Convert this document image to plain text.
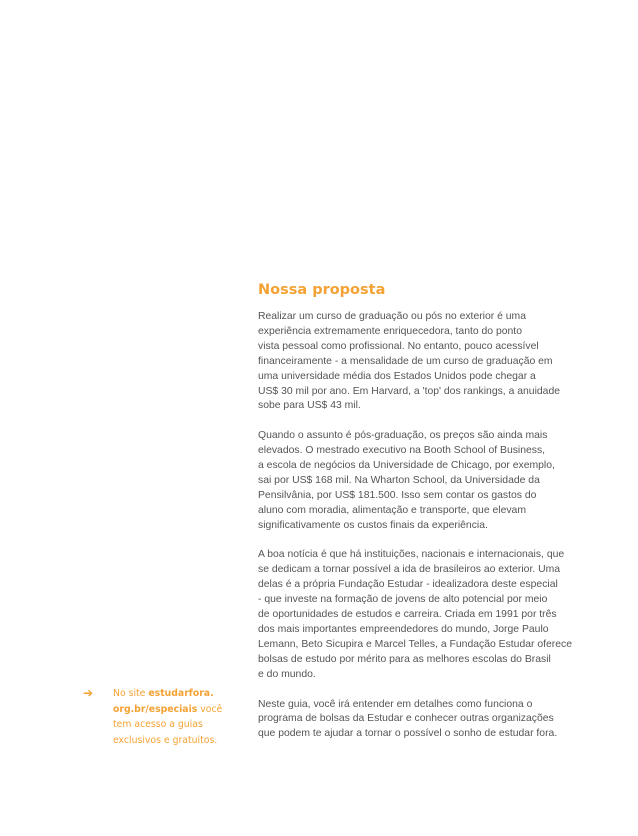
Nossa proposta

Realizar um curso de graduação ou pós no exterior é uma
experiência extremamente enriquecedora, tanto do ponto
vista pessoal como profissional. No entanto, pouco acessível
financeiramente - a mensalidade de um curso de graduação em
uma universidade média dos Estados Unidos pode chegar a
US$ 30 mil por ano. Em Harvard, a 'top' dos rankings, a anuidade
sobe para US$ 43 mil.

Quando o assunto é pós-graduação, os preços são ainda mais
elevados. O mestrado executivo na Booth School of Business,
a escola de negócios da Universidade de Chicago, por exemplo,
sai por US$ 168 mil. Na Wharton School, da Universidade da
Pensilvânia, por US$ 181.500. Isso sem contar os gastos do
aluno com moradia, alimentação e transporte, que elevam
significativamente os custos finais da experiência.

A boa notícia é que há instituições, nacionais e internacionais, que
se dedicam a tornar possível a ida de brasileiros ao exterior. Uma
delas é a própria Fundação Estudar - idealizadora deste especial
- que investe na formação de jovens de alto potencial por meio
de oportunidades de estudos e carreira. Criada em 1991 por três
dos mais importantes empreendedores do mundo, Jorge Paulo
Lemann, Beto Sicupira e Marcel Telles, a Fundação Estudar oferece
bolsas de estudo por mérito para as melhores escolas do Brasil
e do mundo.

Neste guia, você irá entender em detalhes como funciona o
programa de bolsas da Estudar e conhecer outras organizações
que podem te ajudar a tornar o possível o sonho de estudar fora.

➔ No site estudarfora.
org.br/especiais você
tem acesso a guias
exclusivos e gratuitos.
